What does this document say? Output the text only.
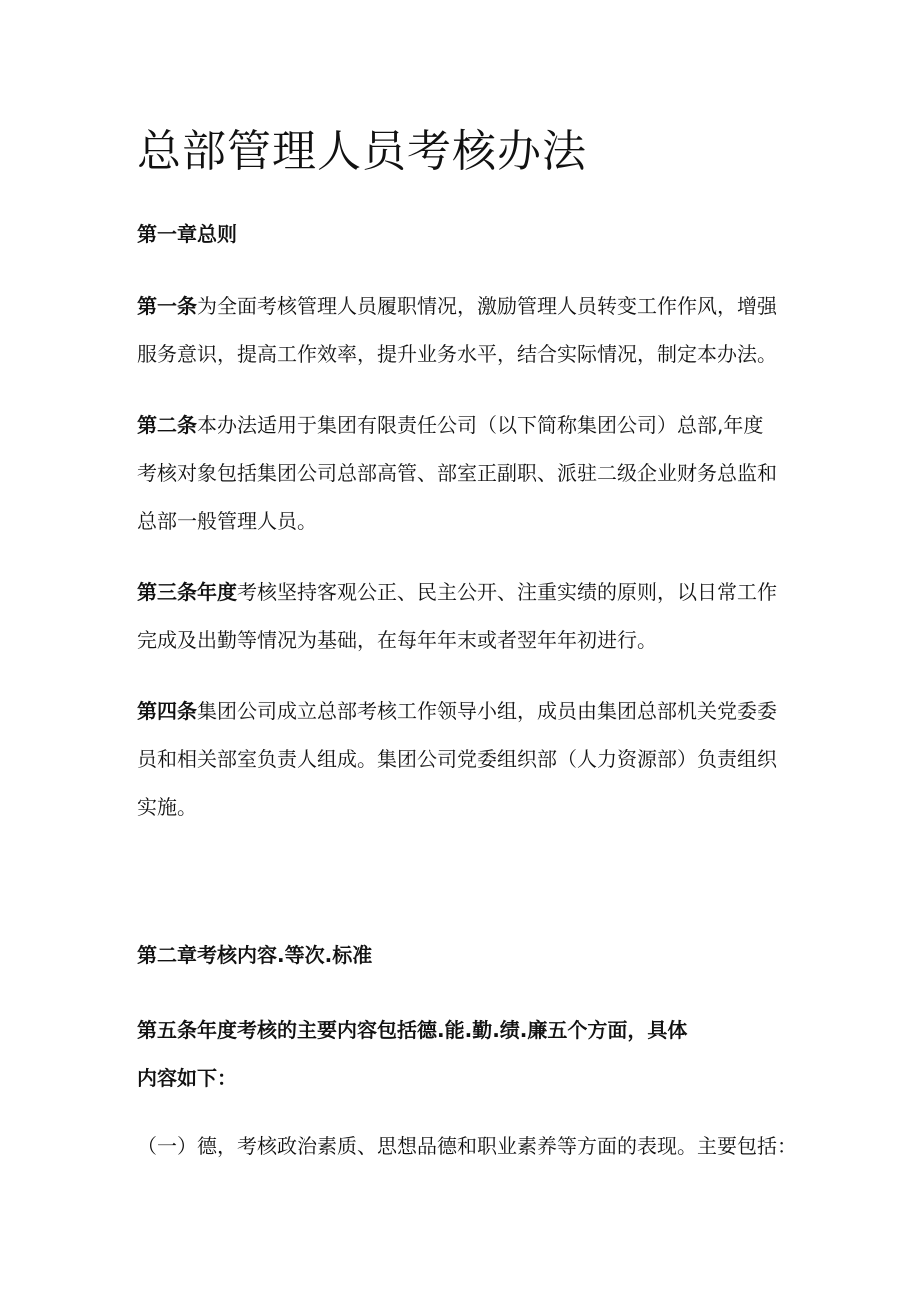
总部管理人员考核办法

第一章总则

第一条为全面考核管理人员履职情况，激励管理人员转变工作作风，增强
服务意识，提高工作效率，提升业务水平，结合实际情况，制定本办法。
第二条本办法适用于集团有限责任公司（以下简称集团公司）总部,年度
考核对象包括集团公司总部高管、部室正副职、派驻二级企业财务总监和
总部一般管理人员。
第三条年度考核坚持客观公正、民主公开、注重实绩的原则，以日常工作
完成及出勤等情况为基础，在每年年末或者翌年年初进行。
第四条集团公司成立总部考核工作领导小组，成员由集团总部机关党委委
员和相关部室负责人组成。集团公司党委组织部（人力资源部）负责组织
实施。

第二章考核内容.等次.标准

第五条年度考核的主要内容包括德.能.勤.绩.廉五个方面，具体
内容如下：

（一）德，考核政治素质、思想品德和职业素养等方面的表现。主要包括：
